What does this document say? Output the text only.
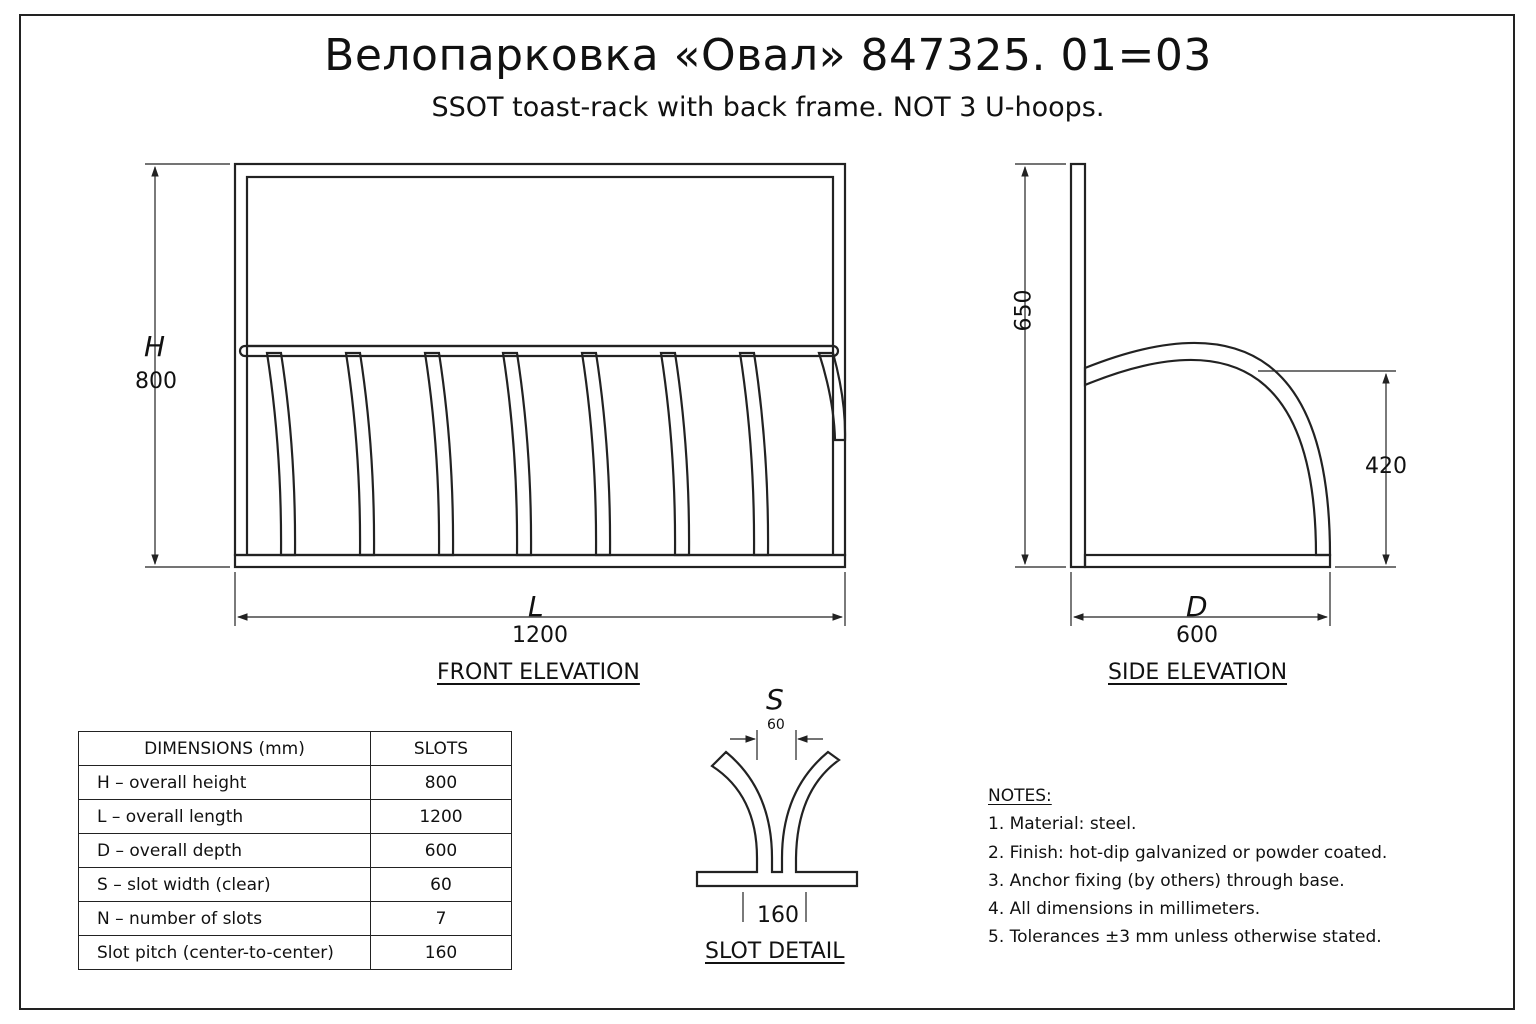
Велопарковка «Овал» 847325. 01=03
SSOT toast-rack with back frame. NOT 3 U-hoops.
H
800
L
1200
FRONT ELEVATION
650
420
D
600
SIDE ELEVATION
S
60
160
SLOT DETAIL
DIMENSIONS (mm)	SLOTS
H – overall height	800
L – overall length	1200
D – overall depth	600
S – slot width (clear)	60
N – number of slots	7
Slot pitch (center-to-center)	160
NOTES:
1. Material: steel.
2. Finish: hot-dip galvanized or powder coated.
3. Anchor fixing (by others) through base.
4. All dimensions in millimeters.
5. Tolerances ±3 mm unless otherwise stated.
